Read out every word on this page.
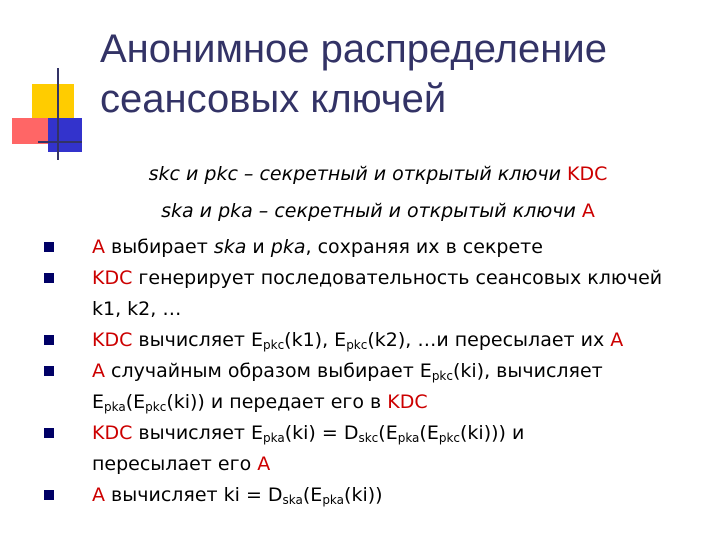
Анонимное распределение
сеансовых ключей
skc и pkc – секретный и открытый ключи KDC
ska и pka – секретный и открытый ключи A
A выбирает ska и pka, сохраняя их в секрете
KDC генерирует последовательность сеансовых ключей
k1, k2, …
KDC вычисляет $E_{pkc}(k1)$, $E_{pkc}(k2)$, …и пересылает их A
A случайным образом выбирает $E_{pkc}(ki)$, вычисляет
$E_{pka}(E_{pkc}(ki))$ и передает его в KDC
KDC вычисляет $E_{pka}(ki) = D_{skc}(E_{pka}(E_{pkc}(ki)))$ и
пересылает его A
A вычисляет ki = $D_{ska}(E_{pka}(ki))$
